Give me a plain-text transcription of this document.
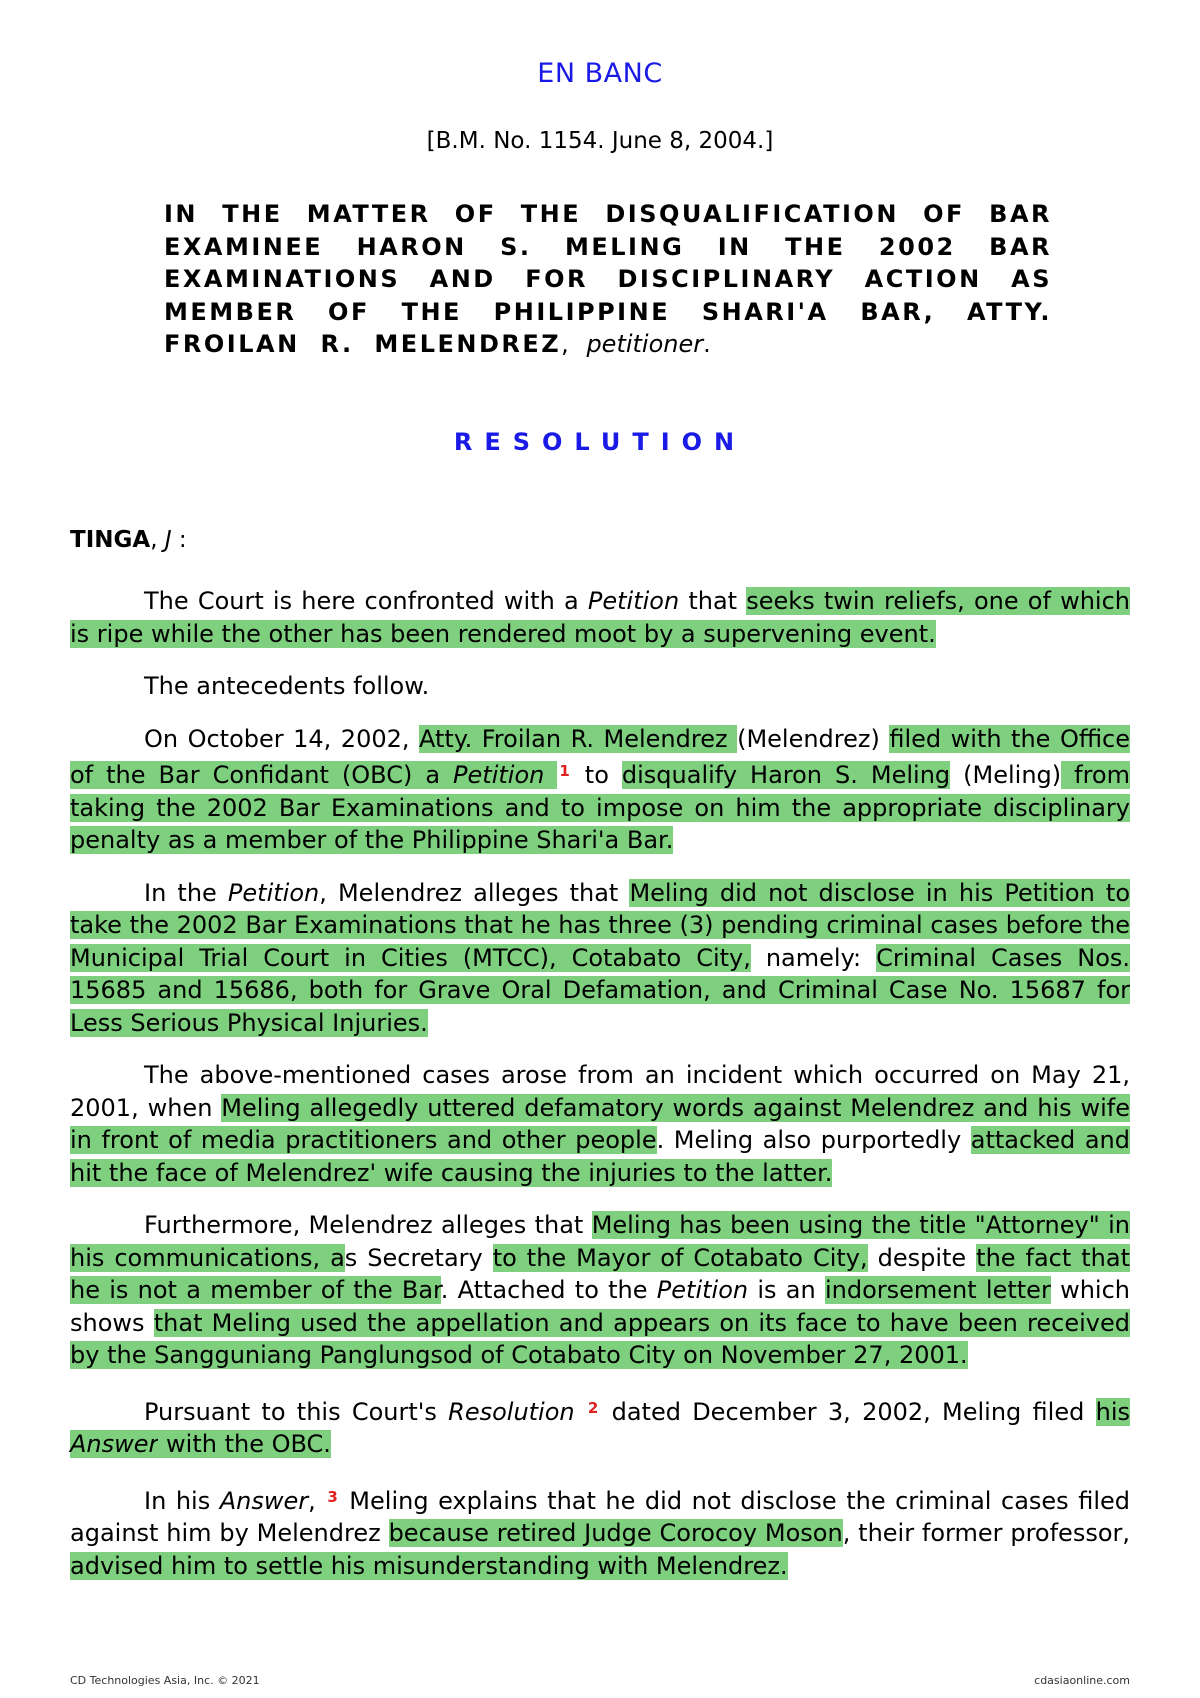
EN BANC
[B.M. No. 1154. June 8, 2004.]
IN THE MATTER OF THE DISQUALIFICATION OF BAR EXAMINEE HARON S. MELING IN THE 2002 BAR EXAMINATIONS AND FOR DISCIPLINARY ACTION AS MEMBER OF THE PHILIPPINE SHARI'A BAR, ATTY. FROILAN R. MELENDREZ, petitioner.
RESOLUTION
TINGA, J :

The Court is here confronted with a Petition that seeks twin reliefs, one of which is ripe while the other has been rendered moot by a supervening event.

The antecedents follow.

On October 14, 2002, Atty. Froilan R. Melendrez (Melendrez) filed with the Office of the Bar Confidant (OBC) a Petition $^1$ to disqualify Haron S. Meling (Meling) from taking the 2002 Bar Examinations and to impose on him the appropriate disciplinary penalty as a member of the Philippine Shari'a Bar.

In the Petition, Melendrez alleges that Meling did not disclose in his Petition to take the 2002 Bar Examinations that he has three (3) pending criminal cases before the Municipal Trial Court in Cities (MTCC), Cotabato City, namely: Criminal Cases Nos. 15685 and 15686, both for Grave Oral Defamation, and Criminal Case No. 15687 for Less Serious Physical Injuries.

The above-mentioned cases arose from an incident which occurred on May 21, 2001, when Meling allegedly uttered defamatory words against Melendrez and his wife in front of media practitioners and other people. Meling also purportedly attacked and hit the face of Melendrez' wife causing the injuries to the latter.

Furthermore, Melendrez alleges that Meling has been using the title "Attorney" in his communications, as Secretary to the Mayor of Cotabato City, despite the fact that he is not a member of the Bar. Attached to the Petition is an indorsement letter which shows that Meling used the appellation and appears on its face to have been received by the Sangguniang Panglungsod of Cotabato City on November 27, 2001.

Pursuant to this Court's Resolution $^2$ dated December 3, 2002, Meling filed his Answer with the OBC.

In his Answer, $^3$ Meling explains that he did not disclose the criminal cases filed against him by Melendrez because retired Judge Corocoy Moson, their former professor, advised him to settle his misunderstanding with Melendrez.

CD Technologies Asia, Inc. © 2021	cdasiaonline.com
